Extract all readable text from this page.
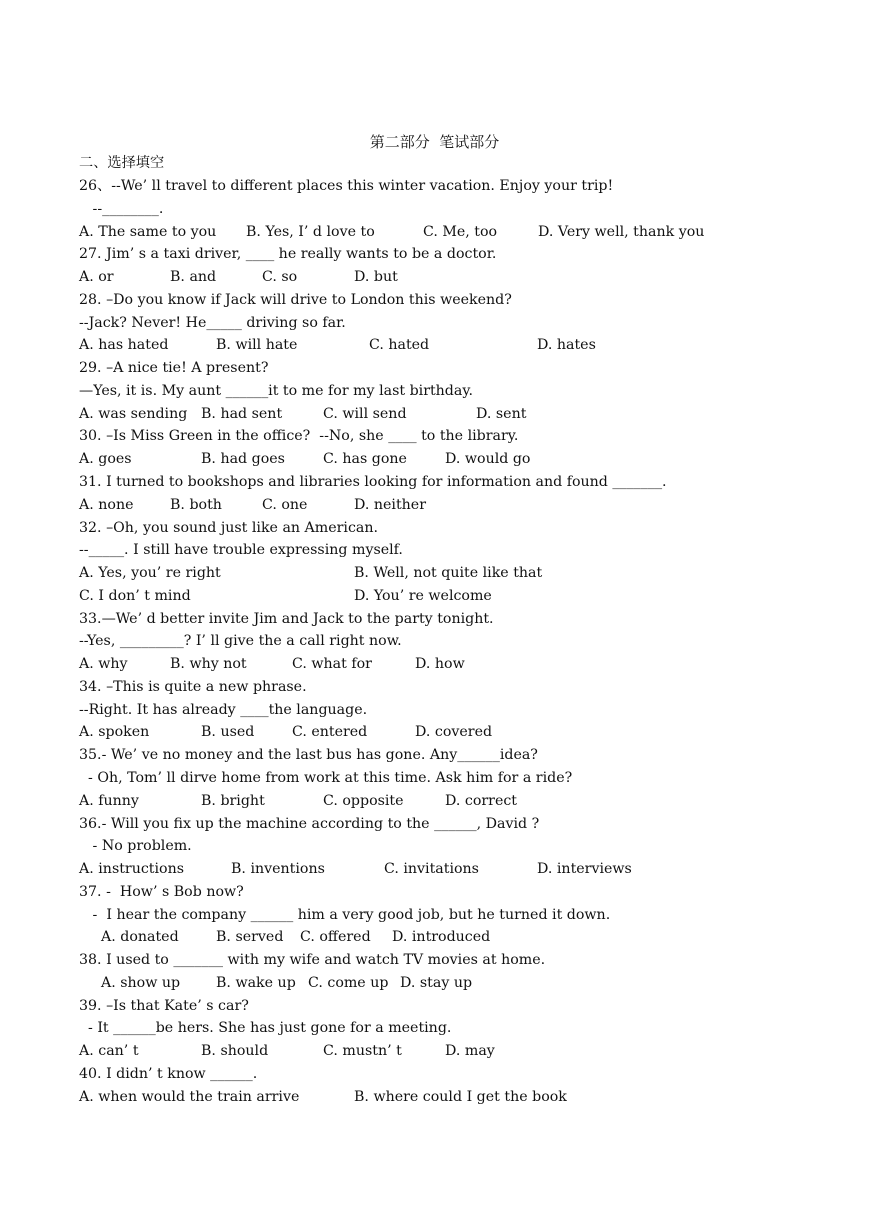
第二部分  笔试部分
二、选择填空
26、--We’ ll travel to different places this winter vacation. Enjoy your trip!
--________.
A. The same to you B. Yes, I’ d love to	C. Me, too	D. Very well, thank you
27. Jim’ s a taxi driver, ____ he really wants to be a doctor.
A. or	B. and	C. so	D. but
28. –Do you know if Jack will drive to London this weekend?
--Jack? Never! He_____ driving so far.
A. has hated	B. will hate	C. hated	D. hates
29. –A nice tie! A present?
—Yes, it is. My aunt ______it to me for my last birthday.
A. was sending B. had sent	C. will send	D. sent
30. –Is Miss Green in the office?  --No, she ____ to the library.
A. goes	B. had goes	C. has gone	D. would go
31. I turned to bookshops and libraries looking for information and found _______.
A. none	B. both	C. one	D. neither
32. –Oh, you sound just like an American.
--_____. I still have trouble expressing myself.
A. Yes, you’ re right	B. Well, not quite like that
C. I don’ t mind	D. You’ re welcome
33.—We’ d better invite Jim and Jack to the party tonight.
--Yes, _________? I’ ll give the a call right now.
A. why	B. why not	C. what for	D. how
34. –This is quite a new phrase.
--Right. It has already ____the language.
A. spoken	B. used	C. entered	D. covered
35.- We’ ve no money and the last bus has gone. Any______idea?
- Oh, Tom’ ll dirve home from work at this time. Ask him for a ride?
A. funny	B. bright	C. opposite	D. correct
36.- Will you fix up the machine according to the ______, David ?
- No problem.
A. instructions	B. inventions	C. invitations	D. interviews
37. -  How’ s Bob now?
-  I hear the company ______ him a very good job, but he turned it down.
A. donated	B. served C. offered D. introduced
38. I used to _______ with my wife and watch TV movies at home.
A. show up	B. wake up C. come up D. stay up
39. –Is that Kate’ s car?
- It ______be hers. She has just gone for a meeting.
A. can’ t	B. should	C. mustn’ t	D. may
40. I didn’ t know ______.
A. when would the train arrive	B. where could I get the book
